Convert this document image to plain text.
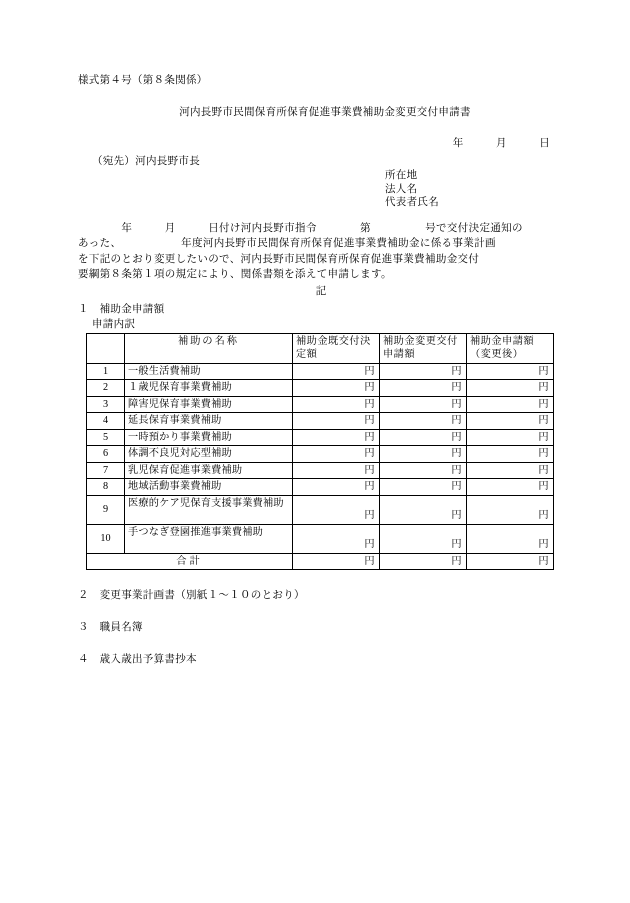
様式第４号（第８条関係）
河内長野市民間保育所保育促進事業費補助金変更交付申請書
年　　　月　　　日
（宛先）河内長野市長
所在地
法人名
代表者氏名
　　　　年　　　月　　　日付け河内長野市指令　　　　第　　　　　号で交付決定通知の
あった、　　　　　　年度河内長野市民間保育所保育促進事業費補助金に係る事業計画
を下記のとおり変更したいので、河内長野市民間保育所保育促進事業費補助金交付
要綱第８条第１項の規定により、関係書類を添えて申請します。
記
１　補助金申請額
申請内訳
	補助の名称	補助金既交付決定額	補助金変更交付申請額	補助金申請額（変更後）
1	一般生活費補助	円	円	円
2	１歳児保育事業費補助	円	円	円
3	障害児保育事業費補助	円	円	円
4	延長保育事業費補助	円	円	円
5	一時預かり事業費補助	円	円	円
6	体調不良児対応型補助	円	円	円
7	乳児保育促進事業費補助	円	円	円
8	地域活動事業費補助	円	円	円
9	医療的ケア児保育支援事業費補助	円	円	円
10	手つなぎ登園推進事業費補助	円	円	円
合計		円	円	円
２　変更事業計画書（別紙１～１０のとおり）
３　職員名簿
４　歳入歳出予算書抄本
